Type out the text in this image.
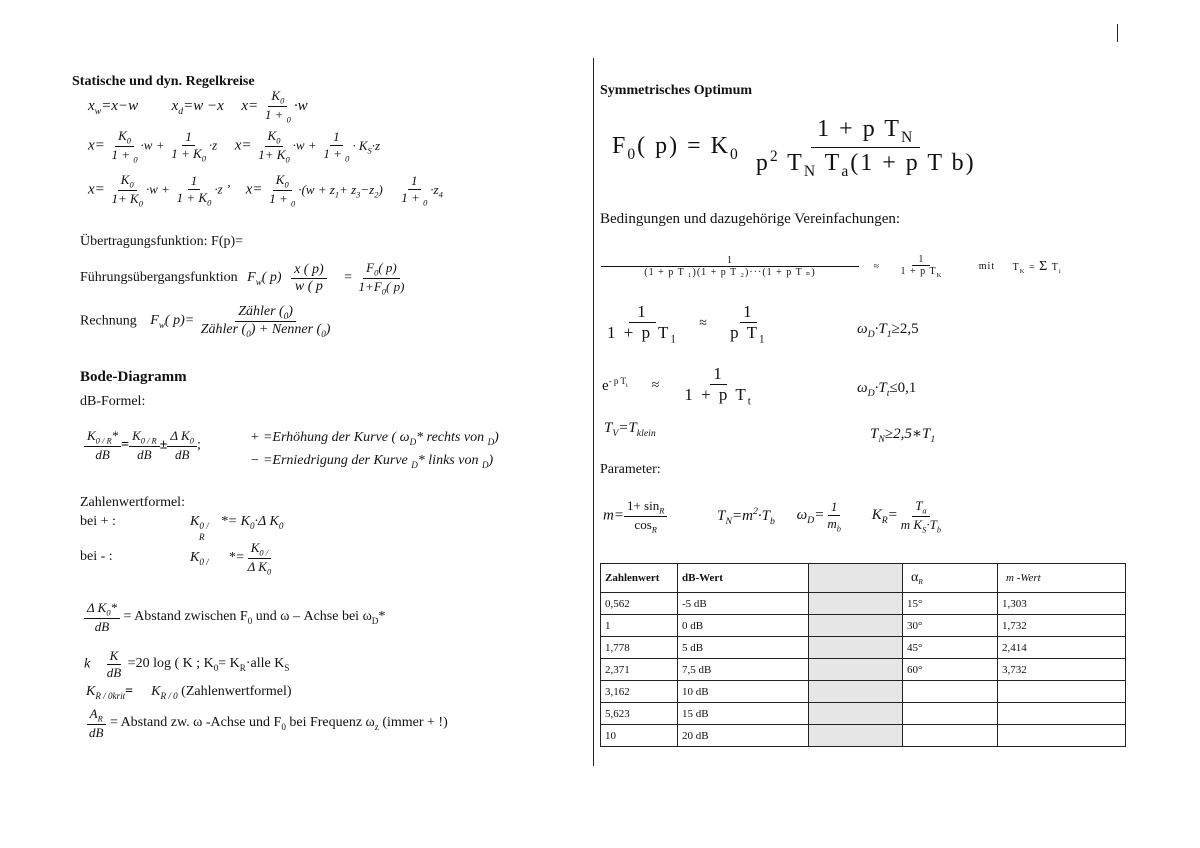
Statische und dyn. Regelkreise
$x_w=x-w$ $x_d=w -x$ $x= \frac{K_0}{1 + _0} \cdot w$
$x= \frac{K_0}{1 + _0} \cdot w + \frac{1}{1 + K_0} \cdot z$ $x= \frac{K_0}{1+ K_0} \cdot w + \frac{1}{1 + _0} \cdot K_S\cdot z$
$x= \frac{K_0}{1+ K_0} \cdot w + \frac{1}{1 + K_0} \cdot z$ ’ $x= \frac{K_0}{1 + _0} \cdot(w + z_1+ z_3-z_2) \frac{1}{1 + _0} \cdot z_4$
Übertragungsfunktion: F(p)=
Führungsübergangsfunktion $F_w$( $p) \frac{x ( p)}{w ( p} = \frac{F_0( p)}{1+F_0( p)}$
Rechnung $F_w$( $p)= \frac{Zähler (_0)}{Zähler (_0) + Nenner (_0)}$
Bode-Diagramm
dB-Formel:
$\frac{K_{0 / R}*}{dB} = \frac{K_{0 / R}}{dB} \pm \frac{\Delta K_0}{dB}$ ;	+ =Erhöhung der Kurve ( $\omega_D*$ rechts von $_D$)
− =Erniedrigung der Kurve $_D$* links von $_D$)
Zahlenwertformel:
bei + :	$K_{0 /} *= K_0\cdot\Delta$ $K_0$
R
bei - :	$K_{0 /} *= \frac{K_{0 /}}{\Delta K_0}$
$\frac{\Delta K_0*}{dB} = Abstand$ zwischen $F_0$ und ω – Achse bei $\omega_D*$
k $\frac{K}{dB} =20$ log ( K ; $K_0=$ $K_R\cdot alle$ $K_S$
$K_{R / 0krit}= K_{R / 0}$ (Zahlenwertformel)
$\frac{A_R}{dB} = Abstand$ zw. ω -Achse und $F_0$ bei Frequenz $\omega_z$ (immer + !)
Symmetrisches Optimum
$F_0$( $p) = K_0 \frac{1 + p T_N}{p^2 T_N T_a(1 + p T b)}$
Bedingungen und dazugehörige Vereinfachungen:
$\frac{1}{\text{(1 + p T ₁)(1 + p T ₂)···(1 + p T ₙ)}} \approx \frac{1}{1 + p T_K}$	mit $T_K = \Sigma$ $T_i$
$\frac{1}{1 + p T_1} \approx \frac{1}{p T_1}$	$\omega_D\cdot T_1\ge 2,5$
$e^{- p T_t} \approx \frac{1}{1 + p T_t}$	$\omega_D\cdot T_t\le 0,1$
$T_V=T_{klein}$	$T_N\ge 2,5∗T_1$
Parameter:
$m= \frac{1+ \sin_R}{\cos_R}$	$T_N=m^2\cdot T_b$ $\omega_D= \frac{1}{m_b} K_R= \frac{T_a}{m K_S\cdot T_b}$
Zahlenwert	dB-Wert		$\alpha_R$	m -Wert
0,562	-5 dB		15°	1,303
1	0 dB		30°	1,732
1,778	5 dB		45°	2,414
2,371	7,5 dB		60°	3,732
3,162	10 dB			
5,623	15 dB			
10	20 dB			
